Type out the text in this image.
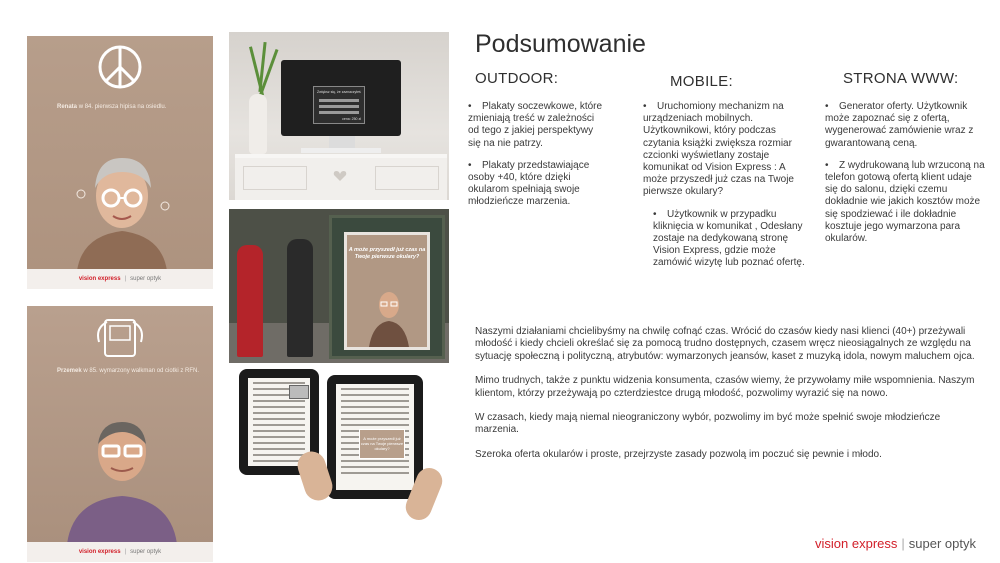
Renata w 84. pierwsza hipisa na osiedlu.
vision express | super optyk
Przemek w 85. wymarzony walkman od ciotki z RFN.
vision express | super optyk
Zwiększ się, że zaznaczyłeś
cena: 250 zł
A może przyszedł już czas na Twoje pierwsze okulary?
A może przyszedł już czas na Twoje pierwsze okulary?
Podsumowanie
OUTDOOR:	MOBILE:	STRONA WWW:

• Plakaty soczewkowe, które zmieniają treść w zależności od tego z jakiej perspektywy się na nie patrzy.

• Plakaty przedstawiające osoby +40, które dzięki okularom spełniają swoje młodzieńcze marzenia.

• Uruchomiony mechanizm na urządzeniach mobilnych. Użytkownikowi, który podczas czytania książki zwiększa rozmiar czcionki wyświetlany zostaje komunikat od Vision Express : A może przyszedł już czas na Twoje pierwsze okulary?

• Użytkownik w przypadku kliknięcia w komunikat , Odesłany zostaje na dedykowaną stronę Vision Express, gdzie może zamówić wizytę lub poznać ofertę.

• Generator oferty. Użytkownik może zapoznać się z ofertą, wygenerować zamówienie wraz z gwarantowaną ceną.

• Z wydrukowaną lub wrzuconą na telefon gotową ofertą klient udaje się do salonu, dzięki czemu dokładnie wie jakich kosztów może się spodziewać i ile dokładnie kosztuje jego wymarzona para okularów.

Naszymi działaniami chcielibyśmy na chwilę cofnąć czas. Wrócić do czasów kiedy nasi klienci (40+) przeżywali młodość i kiedy chcieli określać się za pomocą trudno dostępnych, czasem wręcz nieosiągalnych ze względu na sytuację społeczną i polityczną, atrybutów: wymarzonych jeansów, kaset z muzyką idola, nowym maluchem ojca.

Mimo trudnych, także z punktu widzenia konsumenta, czasów wiemy, że przywołamy miłe wspomnienia. Naszym klientom, którzy przeżywają po czterdziestce drugą młodość, pozwolimy wyrazić się na nowo.

W czasach, kiedy mają niemal nieograniczony wybór, pozwolimy im być może spełnić swoje młodzieńcze marzenia.

Szeroka oferta okularów i proste, przejrzyste zasady pozwolą im poczuć się pewnie i młodo.

vision express | super optyk
